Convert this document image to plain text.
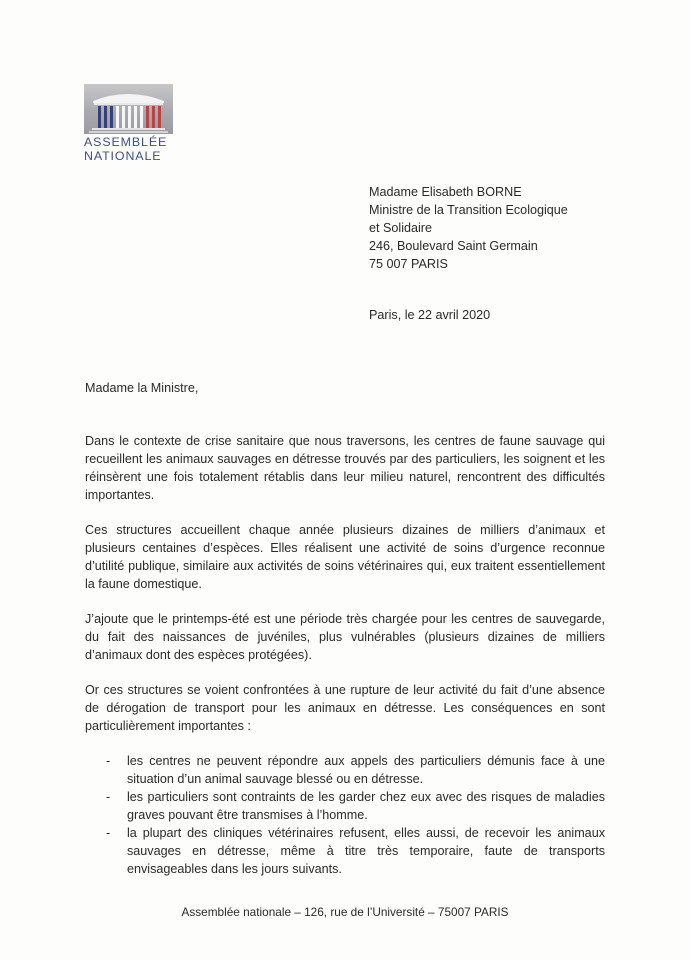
ASSEMBLÉE
NATIONALE
Madame Elisabeth BORNE
Ministre de la Transition Ecologique
et Solidaire
246, Boulevard Saint Germain
75 007 PARIS
Paris, le 22 avril 2020
Madame la Ministre,

Dans le contexte de crise sanitaire que nous traversons, les centres de faune sauvage qui recueillent les animaux sauvages en détresse trouvés par des particuliers, les soignent et les réinsèrent une fois totalement rétablis dans leur milieu naturel, rencontrent des difficultés importantes.

Ces structures accueillent chaque année plusieurs dizaines de milliers d’animaux et plusieurs centaines d’espèces. Elles réalisent une activité de soins d’urgence reconnue d’utilité publique, similaire aux activités de soins vétérinaires qui, eux traitent essentiellement la faune domestique.

J’ajoute que le printemps-été est une période très chargée pour les centres de sauvegarde, du fait des naissances de juvéniles, plus vulnérables (plusieurs dizaines de milliers d’animaux dont des espèces protégées).

Or ces structures se voient confrontées à une rupture de leur activité du fait d’une absence de dérogation de transport pour les animaux en détresse. Les conséquences en sont particulièrement importantes :

- les centres ne peuvent répondre aux appels des particuliers démunis face à une situation d’un animal sauvage blessé ou en détresse.
- les particuliers sont contraints de les garder chez eux avec des risques de maladies graves pouvant être transmises à l’homme.
- la plupart des cliniques vétérinaires refusent, elles aussi, de recevoir les animaux sauvages en détresse, même à titre très temporaire, faute de transports envisageables dans les jours suivants.
Assemblée nationale – 126, rue de l’Université – 75007 PARIS
